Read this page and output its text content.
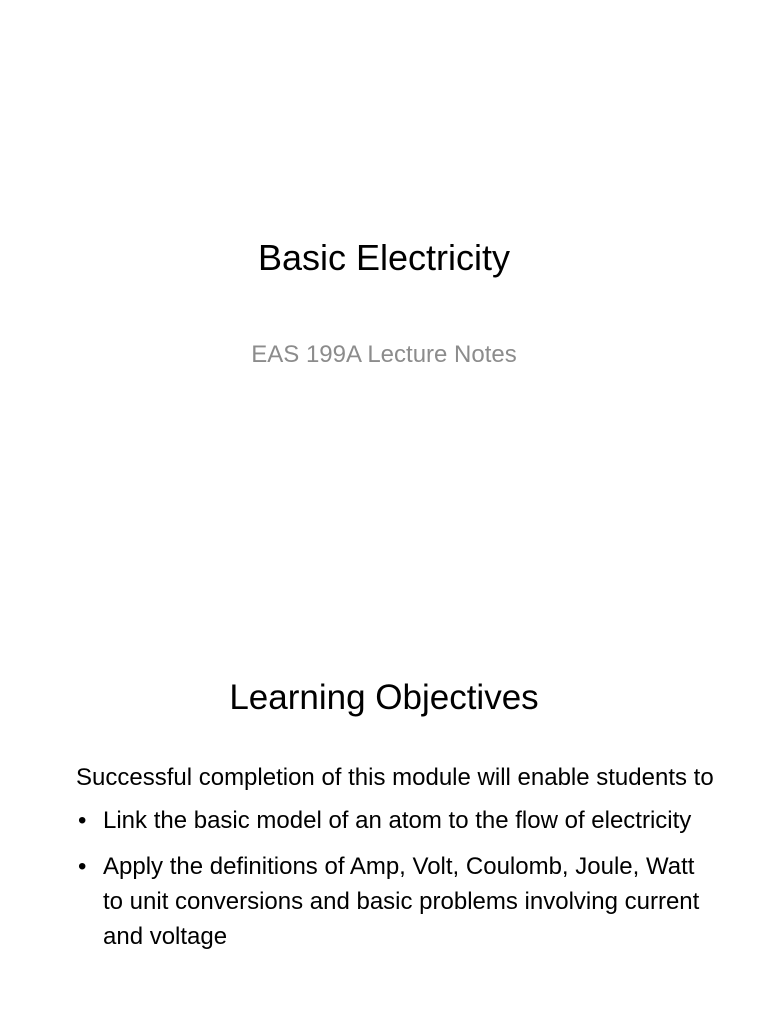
Basic Electricity
EAS 199A Lecture Notes
Learning Objectives

Successful completion of this module will enable students to

• Link the basic model of an atom to the flow of electricity
• Apply the definitions of Amp, Volt, Coulomb, Joule, Watt to unit conversions and basic problems involving current and voltage
